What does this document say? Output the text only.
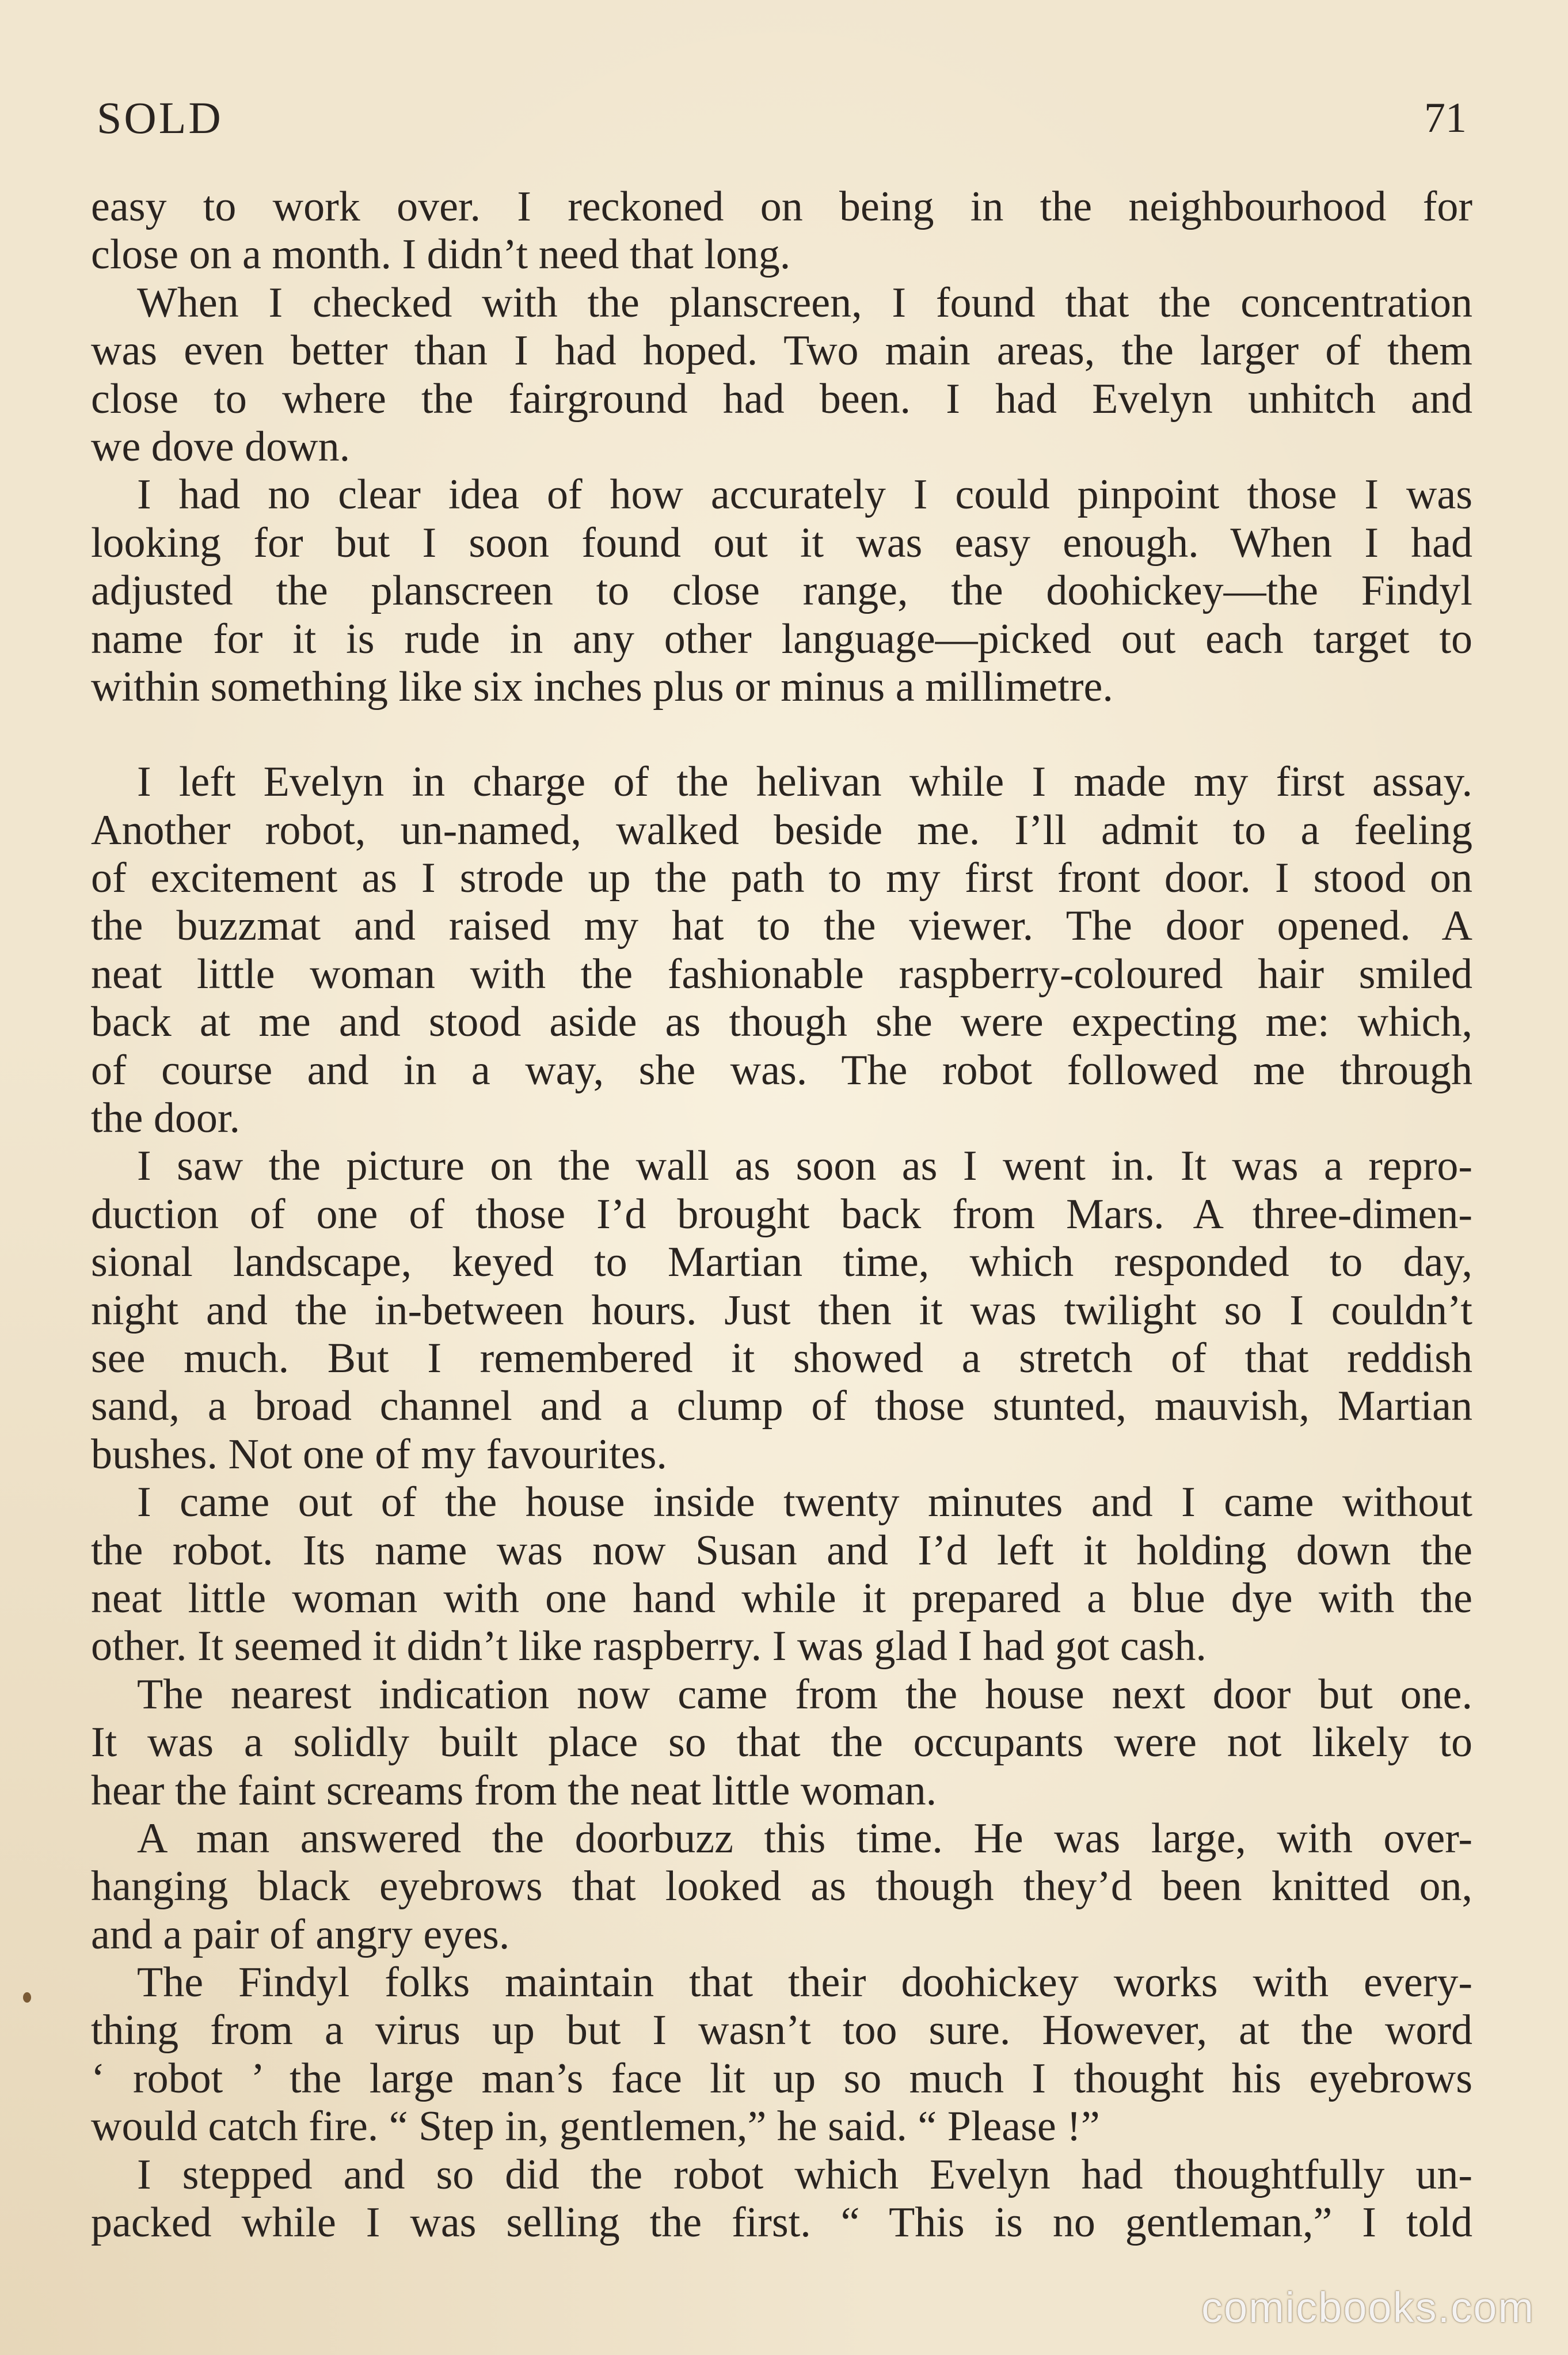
SOLD	71
easy to work over. I reckoned on being in the neighbourhood for
close on a month. I didn’t need that long.
When I checked with the planscreen, I found that the concentration
was even better than I had hoped. Two main areas, the larger of them
close to where the fairground had been. I had Evelyn unhitch and
we dove down.
I had no clear idea of how accurately I could pinpoint those I was
looking for but I soon found out it was easy enough. When I had
adjusted the planscreen to close range, the doohickey—the Findyl
name for it is rude in any other language—picked out each target to
within something like six inches plus or minus a millimetre.
I left Evelyn in charge of the helivan while I made my first assay.
Another robot, un-named, walked beside me. I’ll admit to a feeling
of excitement as I strode up the path to my first front door. I stood on
the buzzmat and raised my hat to the viewer. The door opened. A
neat little woman with the fashionable raspberry-coloured hair smiled
back at me and stood aside as though she were expecting me: which,
of course and in a way, she was. The robot followed me through
the door.
I saw the picture on the wall as soon as I went in. It was a repro-
duction of one of those I’d brought back from Mars. A three-dimen-
sional landscape, keyed to Martian time, which responded to day,
night and the in-between hours. Just then it was twilight so I couldn’t
see much. But I remembered it showed a stretch of that reddish
sand, a broad channel and a clump of those stunted, mauvish, Martian
bushes. Not one of my favourites.
I came out of the house inside twenty minutes and I came without
the robot. Its name was now Susan and I’d left it holding down the
neat little woman with one hand while it prepared a blue dye with the
other. It seemed it didn’t like raspberry. I was glad I had got cash.
The nearest indication now came from the house next door but one.
It was a solidly built place so that the occupants were not likely to
hear the faint screams from the neat little woman.
A man answered the doorbuzz this time. He was large, with over-
hanging black eyebrows that looked as though they’d been knitted on,
and a pair of angry eyes.
The Findyl folks maintain that their doohickey works with every-
thing from a virus up but I wasn’t too sure. However, at the word
‘ robot ’ the large man’s face lit up so much I thought his eyebrows
would catch fire. “ Step in, gentlemen,” he said. “ Please !”
I stepped and so did the robot which Evelyn had thoughtfully un-
packed while I was selling the first. “ This is no gentleman,” I told
comicbooks.com
